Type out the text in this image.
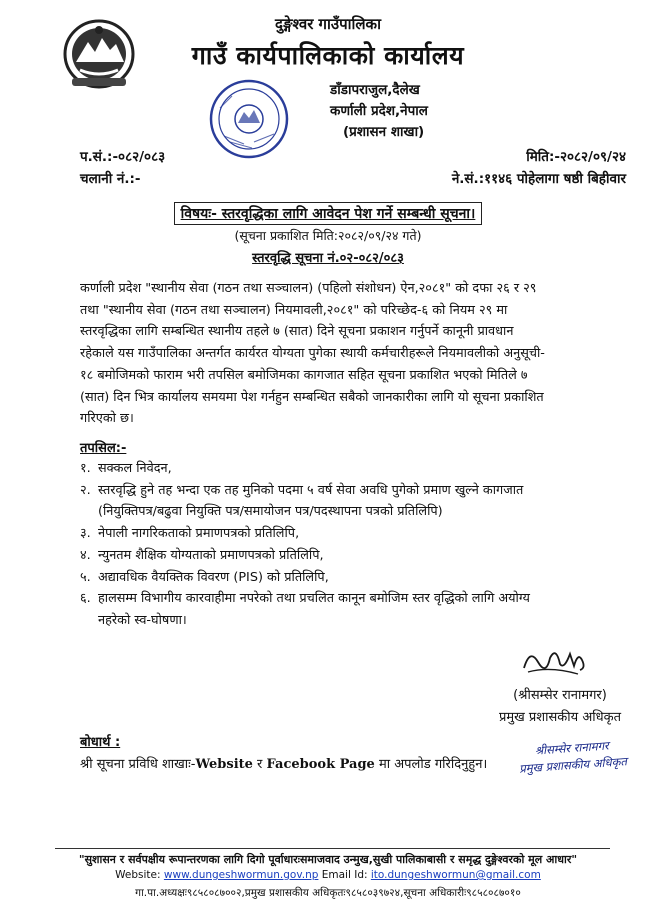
दुङ्गेश्वर गाउँपालिका
गाउँ कार्यपालिकाको कार्यालय
डाँडापराजुल,दैलेख
कर्णाली प्रदेश,नेपाल
(प्रशासन शाखा)
प.सं.:-०८२/०८३
चलानी नं.:-
मिति:-२०८२/०९/२४
ने.सं.:११४६ पोहेलागा षष्ठी बिहीवार
विषयः- स्तरवृद्धिका लागि आवेदन पेश गर्ने सम्बन्धी सूचना।
(सूचना प्रकाशित मिति:२०८२/०९/२४ गते)
स्तरवृद्धि सूचना नं.०२-०८२/०८३
कर्णाली प्रदेश "स्थानीय सेवा (गठन तथा सञ्चालन) (पहिलो संशोधन) ऐन,२०८१" को दफा २६ र २९
तथा "स्थानीय सेवा (गठन तथा सञ्चालन) नियमावली,२०८१" को परिच्छेद-६ को नियम २९ मा
स्तरवृद्धिका लागि सम्बन्धित स्थानीय तहले ७ (सात) दिने सूचना प्रकाशन गर्नुपर्ने कानूनी प्रावधान
रहेकाले यस गाउँपालिका अन्तर्गत कार्यरत योग्यता पुगेका स्थायी कर्मचारीहरूले नियमावलीको अनुसूची-
१८ बमोजिमको फाराम भरी तपसिल बमोजिमका कागजात सहित सूचना प्रकाशित भएको मितिले ७
(सात) दिन भित्र कार्यालय समयमा पेश गर्नहुन सम्बन्धित सबैको जानकारीका लागि यो सूचना प्रकाशित
गरिएको छ।
तपसिल:-
१. सक्कल निवेदन,
२. स्तरवृद्धि हुने तह भन्दा एक तह मुनिको पदमा ५ वर्ष सेवा अवधि पुगेको प्रमाण खुल्ने कागजात
(नियुक्तिपत्र/बढुवा नियुक्ति पत्र/समायोजन पत्र/पदस्थापना पत्रको प्रतिलिपि)
३. नेपाली नागरिकताको प्रमाणपत्रको प्रतिलिपि,
४. न्युनतम शैक्षिक योग्यताको प्रमाणपत्रको प्रतिलिपि,
५. अद्यावधिक वैयक्तिक विवरण (PIS) को प्रतिलिपि,
६. हालसम्म विभागीय कारवाहीमा नपरेको तथा प्रचलित कानून बमोजिम स्तर वृद्धिको लागि अयोग्य
नहरेको स्व-घोषणा।
(श्रीसम्सेर रानामगर)
प्रमुख प्रशासकीय अधिकृत
बोधार्थ :
श्री सूचना प्रविधि शाखाः-Website र Facebook Page मा अपलोड गरिदिनुहुन।
श्रीसम्सेर रानामगर
प्रमुख प्रशासकीय अधिकृत
"सुशासन र सर्वपक्षीय रूपान्तरणका लागि दिगो पूर्वाधारःसमाजवाद उन्मुख,सुखी पालिकाबासी र समृद्ध दुङ्गेश्वरको मूल आधार"
Website: www.dungeshwormun.gov.np Email Id: ito.dungeshwormun@gmail.com
गा.पा.अध्यक्षः९८५८०८७००२,प्रमुख प्रशासकीय अधिकृतः९८५८०३९७२४,सूचना अधिकारीः९८५८०८७०१०
